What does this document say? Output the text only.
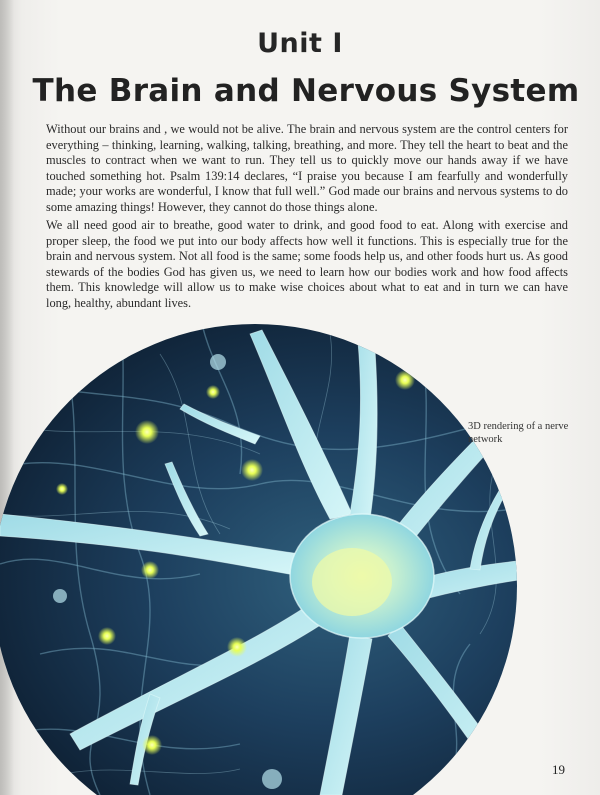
Unit I
The Brain and Nervous System

Without our brains and , we would not be alive. The brain and nervous system are the control centers for everything – thinking, learning, walking, talking, breathing, and more. They tell the heart to beat and the muscles to contract when we want to run. They tell us to quickly move our hands away if we have touched something hot. Psalm 139:14 declares, “I praise you because I am fearfully and wonderfully made; your works are wonderful, I know that full well.” God made our brains and nervous systems to do some amazing things! However, they cannot do those things alone.

We all need good air to breathe, good water to drink, and good food to eat. Along with exercise and proper sleep, the food we put into our body affects how well it functions. This is especially true for the brain and nervous system. Not all food is the same; some foods help us, and other foods hurt us. As good stewards of the bodies God has given us, we need to learn how our bodies work and how food affects them. This knowledge will allow us to make wise choices about what to eat and in turn we can have long, healthy, abundant lives.

3D rendering of a nerve network
19
